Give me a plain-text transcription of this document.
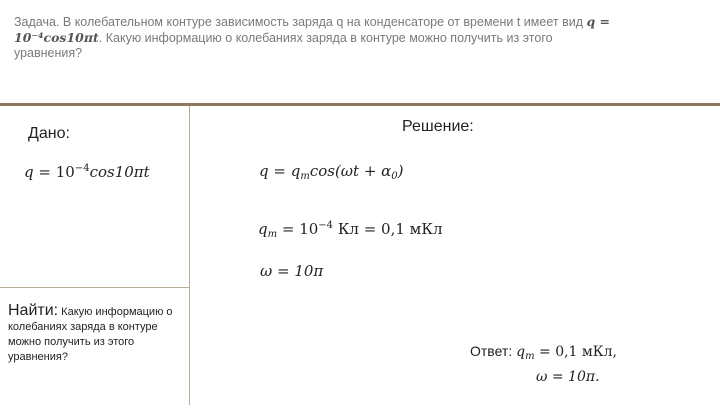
Задача. В колебательном контуре зависимость заряда q на конденсаторе от времени t имеет вид q = 10⁻⁴cos10πt. Какую информацию о колебаниях заряда в контуре можно получить из этого уравнения?
Дано:
$q = 10^{-4}\cos 10\pi t$
Решение:
$q = q_m\cos(\omega t + \alpha_0)$
$q_m = 10^{-4}$ Кл = 0,1 мКл
ω = 10π
Найти: Какую информацию о колебаниях заряда в контуре можно получить из этого уравнения?	Ответ: $q_m = 0,1$ мКл,
ω = 10π.
